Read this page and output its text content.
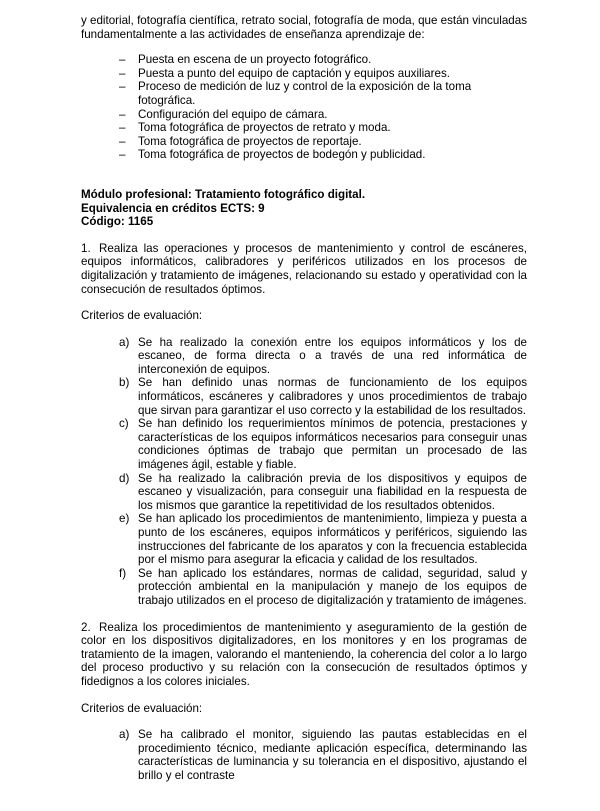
y editorial, fotografía científica, retrato social, fotografía de moda, que están vinculadas fundamentalmente a las actividades de enseñanza aprendizaje de:

– Puesta en escena de un proyecto fotográfico.
– Puesta a punto del equipo de captación y equipos auxiliares.
– Proceso de medición de luz y control de la exposición de la toma fotográfica.
– Configuración del equipo de cámara.
– Toma fotográfica de proyectos de retrato y moda.
– Toma fotográfica de proyectos de reportaje.
– Toma fotográfica de proyectos de bodegón y publicidad.
Módulo profesional: Tratamiento fotográfico digital.
Equivalencia en créditos ECTS: 9
Código: 1165

1. Realiza las operaciones y procesos de mantenimiento y control de escáneres, equipos informáticos, calibradores y periféricos utilizados en los procesos de digitalización y tratamiento de imágenes, relacionando su estado y operatividad con la consecución de resultados óptimos.

Criterios de evaluación:

a) Se ha realizado la conexión entre los equipos informáticos y los de escaneo, de forma directa o a través de una red informática de interconexión de equipos.
b) Se han definido unas normas de funcionamiento de los equipos informáticos, escáneres y calibradores y unos procedimientos de trabajo que sirvan para garantizar el uso correcto y la estabilidad de los resultados.
c) Se han definido los requerimientos mínimos de potencia, prestaciones y características de los equipos informáticos necesarios para conseguir unas condiciones óptimas de trabajo que permitan un procesado de las imágenes ágil, estable y fiable.
d) Se ha realizado la calibración previa de los dispositivos y equipos de escaneo y visualización, para conseguir una fiabilidad en la respuesta de los mismos que garantice la repetitividad de los resultados obtenidos.
e) Se han aplicado los procedimientos de mantenimiento, limpieza y puesta a punto de los escáneres, equipos informáticos y periféricos, siguiendo las instrucciones del fabricante de los aparatos y con la frecuencia establecida por el mismo para asegurar la eficacia y calidad de los resultados.
f) Se han aplicado los estándares, normas de calidad, seguridad, salud y protección ambiental en la manipulación y manejo de los equipos de trabajo utilizados en el proceso de digitalización y tratamiento de imágenes.

2. Realiza los procedimientos de mantenimiento y aseguramiento de la gestión de color en los dispositivos digitalizadores, en los monitores y en los programas de tratamiento de la imagen, valorando el manteniendo, la coherencia del color a lo largo del proceso productivo y su relación con la consecución de resultados óptimos y fidedignos a los colores iniciales.

Criterios de evaluación:

a) Se ha calibrado el monitor, siguiendo las pautas establecidas en el procedimiento técnico, mediante aplicación específica, determinando las características de luminancia y su tolerancia en el dispositivo, ajustando el brillo y el contraste
